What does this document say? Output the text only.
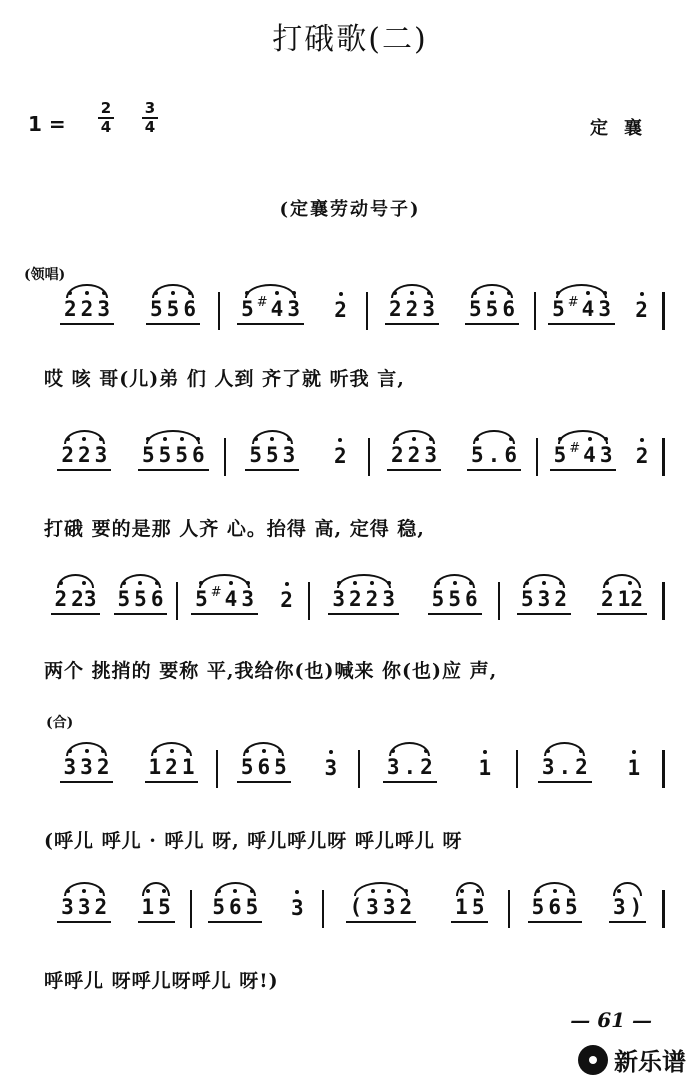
打硪歌(二)
1 =
2
4
3
4	定襄
(定襄劳动号子)
(领唱)
2 2 3 5 5 6 5 # 4 3 2 2 2 3 5 5 6 5 # 4 3 2
哎 咳 哥(儿)弟 们 人到 齐了就 听我 言,
2 2 3 5 5 5 6 5 5 3 2 2 2 3 5 . 6 5 # 4 3 2
打硪 要的是那 人齐 心。抬得 高, 定得 稳,
2 23 5 5 6 5 # 4 3 2 3 2 2 3 5 5 6 5 3 2 2 12
两个 挑捎的 要称 平,我给你(也)喊来 你(也)应 声,
(合)
3 3 2 1 2 1 5 6 5 3 3 . 2 1 3 . 2 1
(呼儿 呼儿 · 呼儿 呀, 呼儿呼儿呀 呼儿呼儿 呀
3 3 2 1 5 5 6 5 3 ( 3 3 2 1 5 5 6 5 3 )
呼呼儿 呀呼儿呀呼儿 呀!)
— 61 —
新乐谱
